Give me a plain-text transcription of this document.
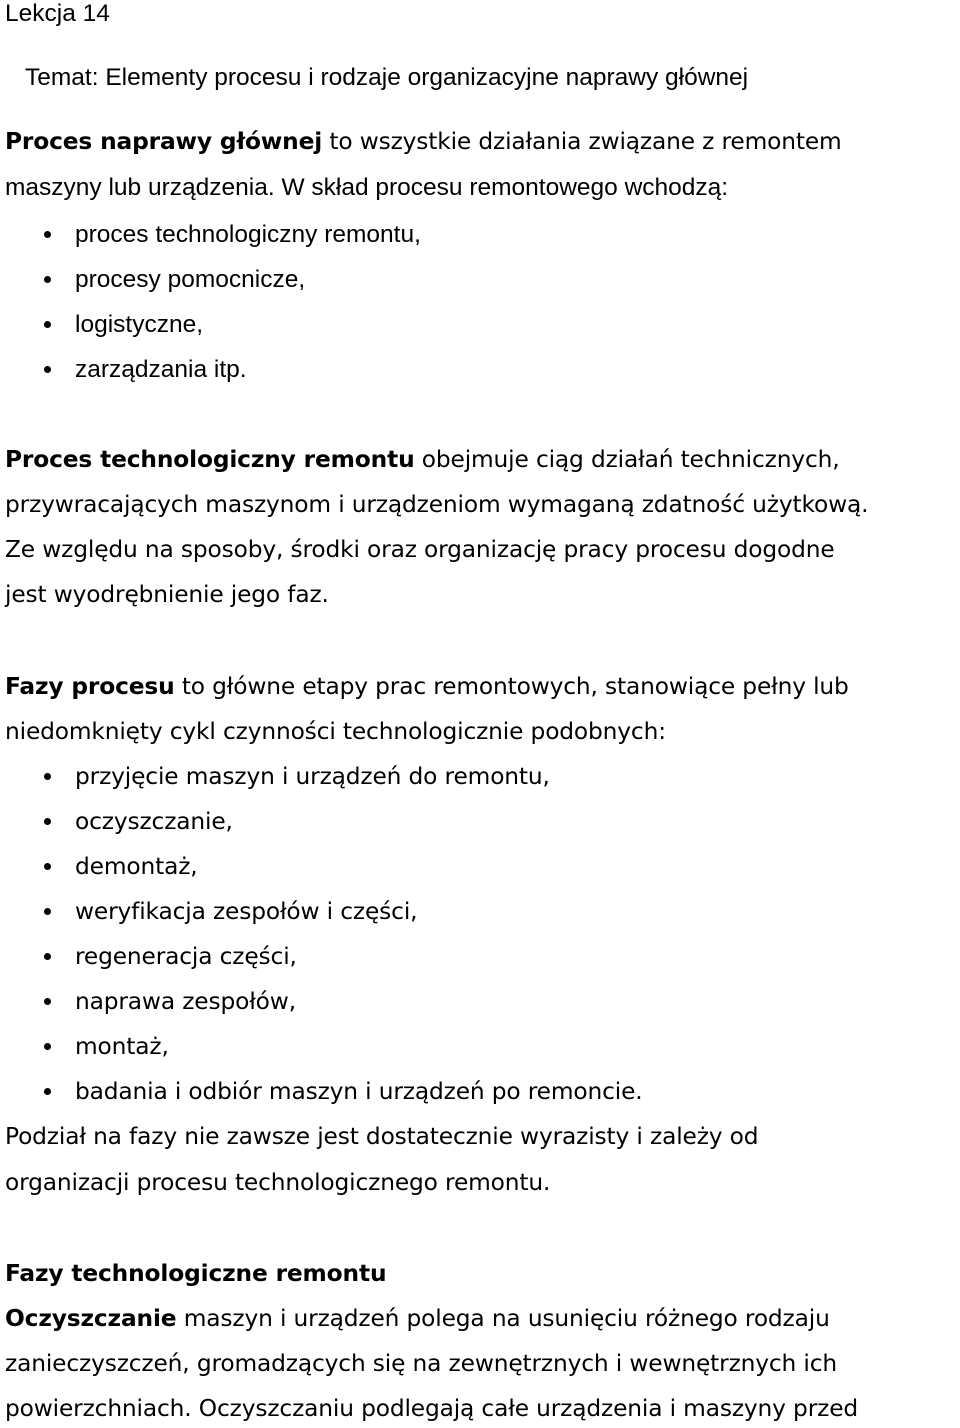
Lekcja 14
Temat: Elementy procesu i rodzaje organizacyjne naprawy głównej
Proces naprawy głównej to wszystkie działania związane z remontem
maszyny lub urządzenia. W skład procesu remontowego wchodzą:
proces technologiczny remontu,
procesy pomocnicze,
logistyczne,
zarządzania itp.
Proces technologiczny remontu obejmuje ciąg działań technicznych,
przywracających maszynom i urządzeniom wymaganą zdatność użytkową.
Ze względu na sposoby, środki oraz organizację pracy procesu dogodne
jest wyodrębnienie jego faz.
Fazy procesu to główne etapy prac remontowych, stanowiące pełny lub
niedomknięty cykl czynności technologicznie podobnych:
przyjęcie maszyn i urządzeń do remontu,
oczyszczanie,
demontaż,
weryfikacja zespołów i części,
regeneracja części,
naprawa zespołów,
montaż,
badania i odbiór maszyn i urządzeń po remoncie.
Podział na fazy nie zawsze jest dostatecznie wyrazisty i zależy od
organizacji procesu technologicznego remontu.
Fazy technologiczne remontu
Oczyszczanie maszyn i urządzeń polega na usunięciu różnego rodzaju
zanieczyszczeń, gromadzących się na zewnętrznych i wewnętrznych ich
powierzchniach. Oczyszczaniu podlegają całe urządzenia i maszyny przed
